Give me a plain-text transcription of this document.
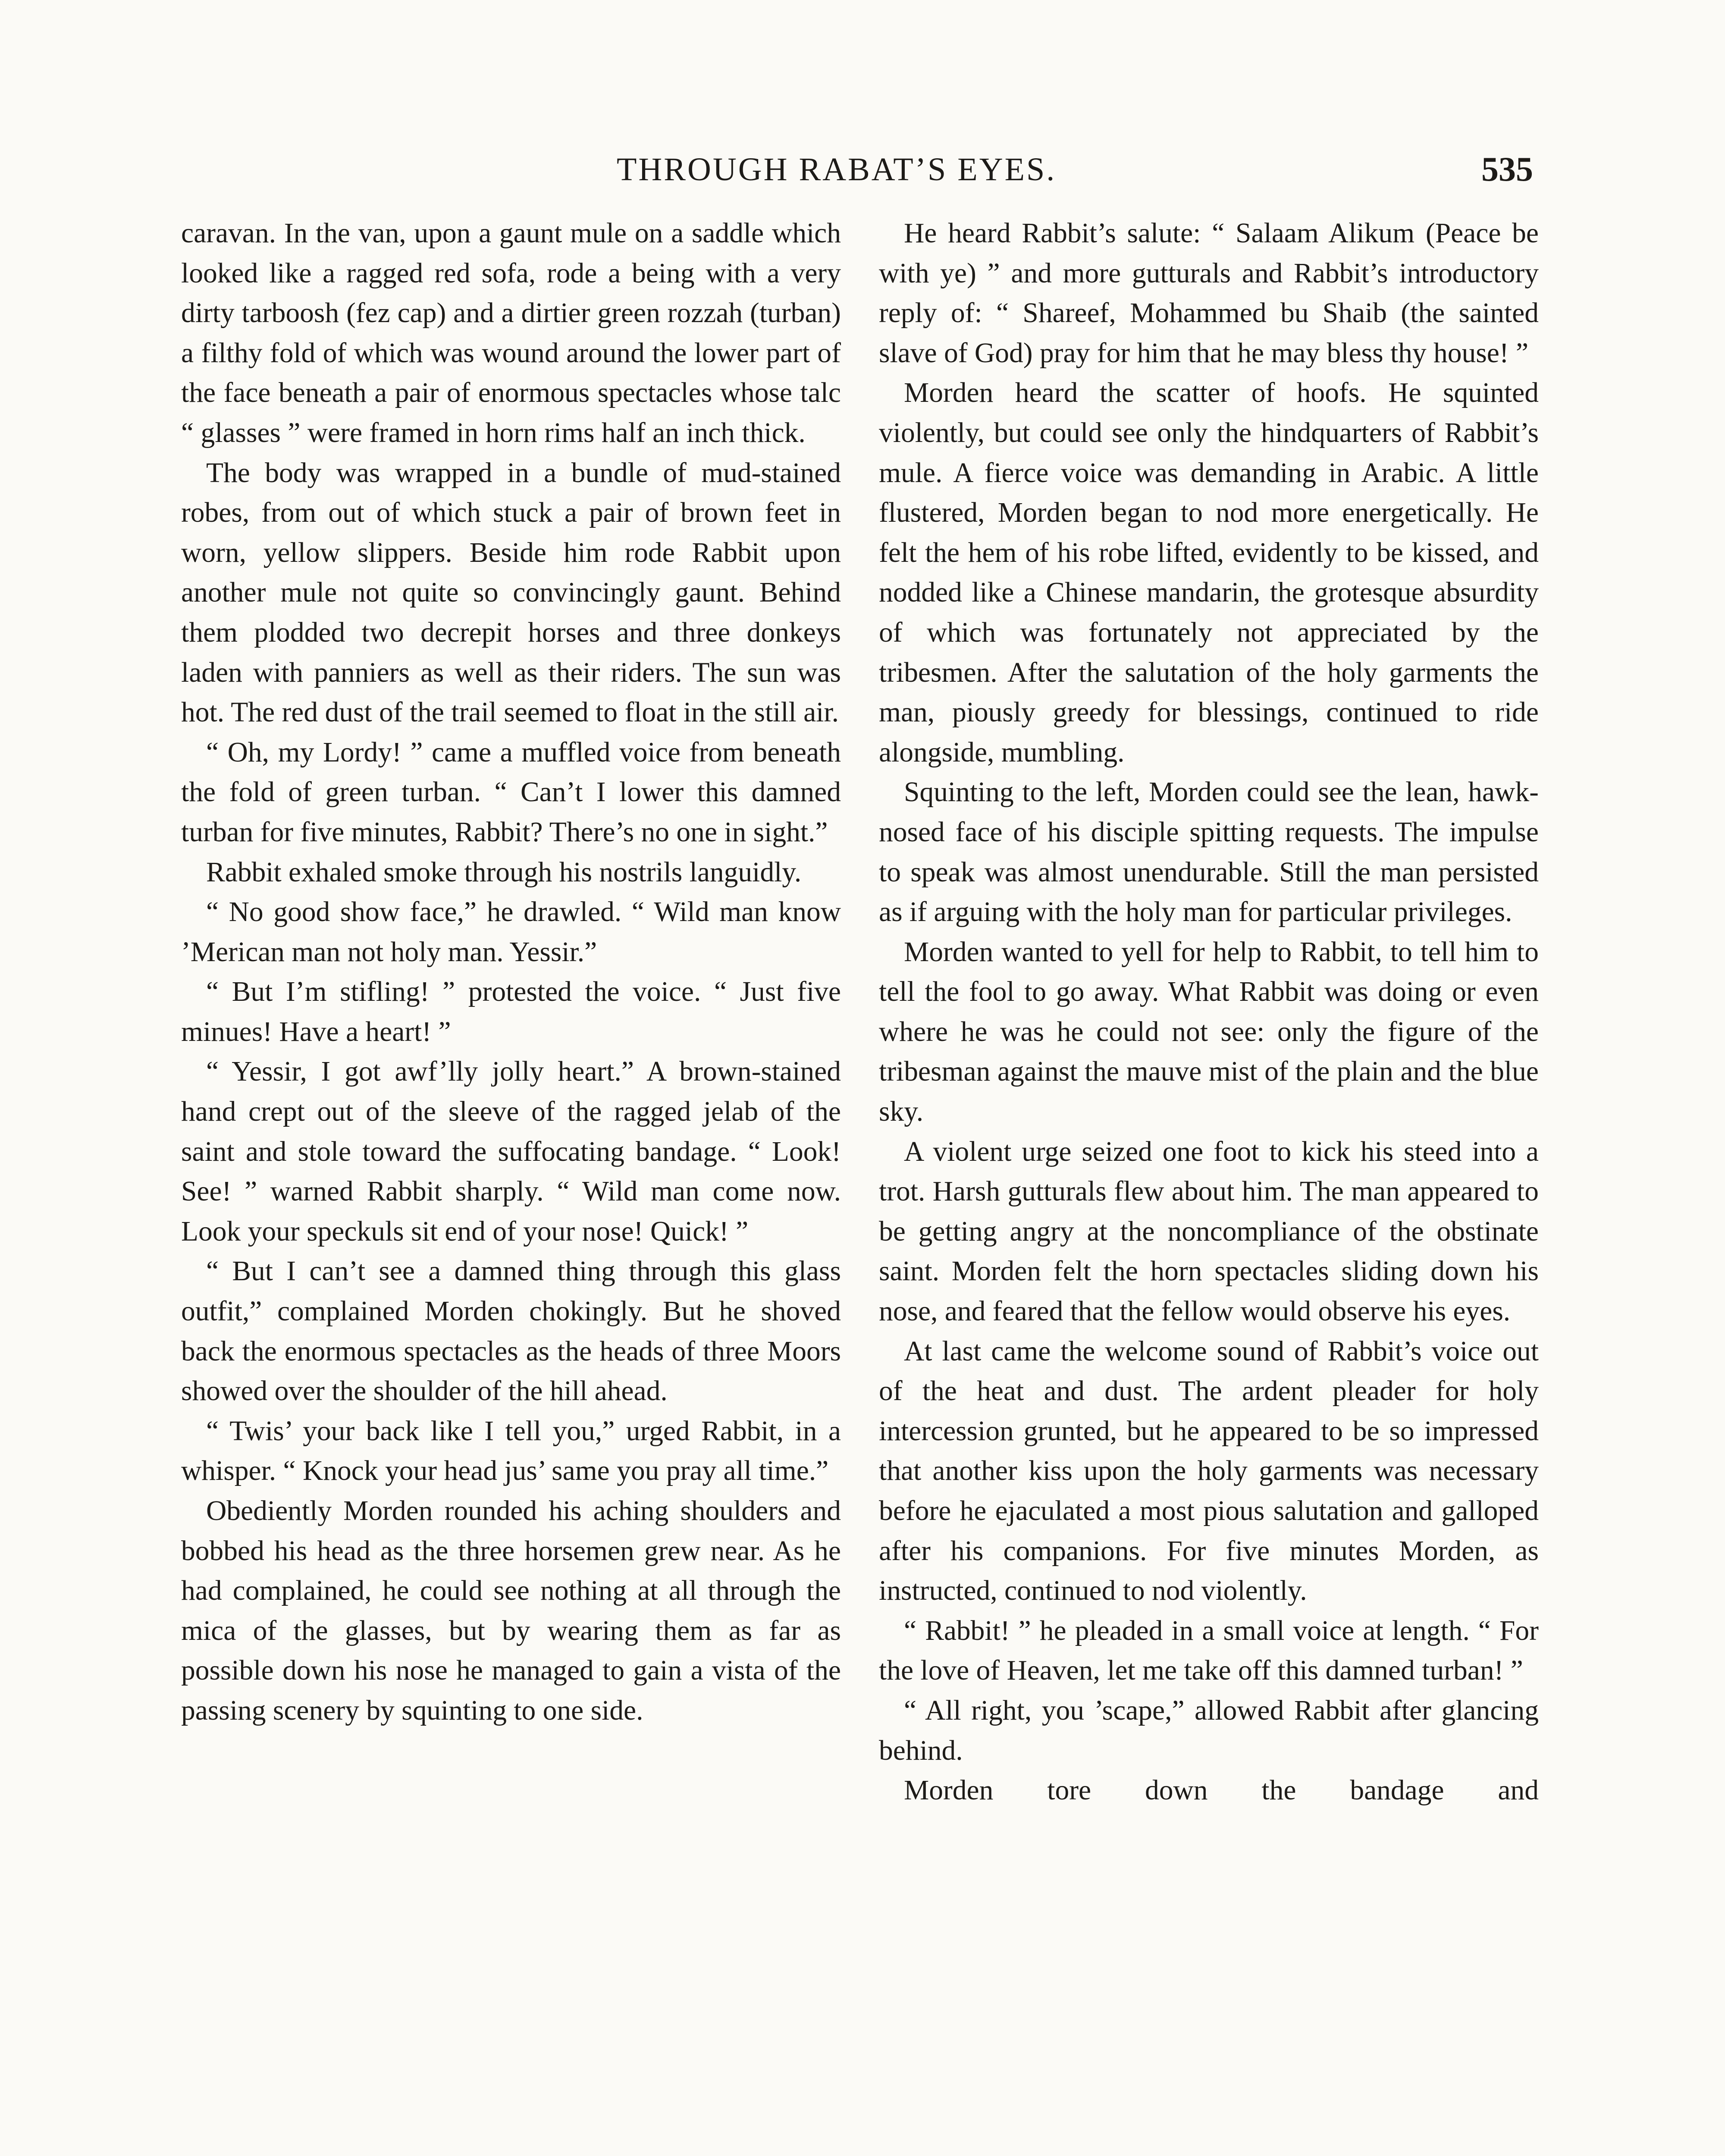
THROUGH RABAT’S EYES.	535

caravan. In the van, upon a gaunt mule on a saddle which looked like a ragged red sofa, rode a being with a very dirty tarboosh (fez cap) and a dirtier green rozzah (turban) a filthy fold of which was wound around the lower part of the face beneath a pair of enormous spectacles whose talc “ glasses ” were framed in horn rims half an inch thick.

The body was wrapped in a bundle of mud-stained robes, from out of which stuck a pair of brown feet in worn, yellow slippers. Beside him rode Rabbit upon another mule not quite so convincingly gaunt. Behind them plodded two decrepit horses and three donkeys laden with panniers as well as their riders. The sun was hot. The red dust of the trail seemed to float in the still air.

“ Oh, my Lordy! ” came a muffled voice from beneath the fold of green turban. “ Can’t I lower this damned turban for five minutes, Rabbit? There’s no one in sight.”

Rabbit exhaled smoke through his nostrils languidly.

“ No good show face,” he drawled. “ Wild man know ’Merican man not holy man. Yessir.”

“ But I’m stifling! ” protested the voice. “ Just five minues! Have a heart! ”

“ Yessir, I got awf’lly jolly heart.” A brown-stained hand crept out of the sleeve of the ragged jelab of the saint and stole toward the suffocating bandage. “ Look! See! ” warned Rabbit sharply. “ Wild man come now. Look your speckuls sit end of your nose! Quick! ”

“ But I can’t see a damned thing through this glass outfit,” complained Morden chokingly. But he shoved back the enormous spectacles as the heads of three Moors showed over the shoulder of the hill ahead.

“ Twis’ your back like I tell you,” urged Rabbit, in a whisper. “ Knock your head jus’ same you pray all time.”

Obediently Morden rounded his aching shoulders and bobbed his head as the three horsemen grew near. As he had complained, he could see nothing at all through the mica of the glasses, but by wearing them as far as possible down his nose he managed to gain a vista of the passing scenery by squinting to one side.

He heard Rabbit’s salute: “ Salaam Alikum (Peace be with ye) ” and more gutturals and Rabbit’s introductory reply of: “ Shareef, Mohammed bu Shaib (the sainted slave of God) pray for him that he may bless thy house! ”

Morden heard the scatter of hoofs. He squinted violently, but could see only the hindquarters of Rabbit’s mule. A fierce voice was demanding in Arabic. A little flustered, Morden began to nod more energetically. He felt the hem of his robe lifted, evidently to be kissed, and nodded like a Chinese mandarin, the grotesque absurdity of which was fortunately not appreciated by the tribesmen. After the salutation of the holy garments the man, piously greedy for blessings, continued to ride alongside, mumbling.

Squinting to the left, Morden could see the lean, hawk-nosed face of his disciple spitting requests. The impulse to speak was almost unendurable. Still the man persisted as if arguing with the holy man for particular privileges.

Morden wanted to yell for help to Rabbit, to tell him to tell the fool to go away. What Rabbit was doing or even where he was he could not see: only the figure of the tribesman against the mauve mist of the plain and the blue sky.

A violent urge seized one foot to kick his steed into a trot. Harsh gutturals flew about him. The man appeared to be getting angry at the noncompliance of the obstinate saint. Morden felt the horn spectacles sliding down his nose, and feared that the fellow would observe his eyes.

At last came the welcome sound of Rabbit’s voice out of the heat and dust. The ardent pleader for holy intercession grunted, but he appeared to be so impressed that another kiss upon the holy garments was necessary before he ejaculated a most pious salutation and galloped after his companions. For five minutes Morden, as instructed, continued to nod violently.

“ Rabbit! ” he pleaded in a small voice at length. “ For the love of Heaven, let me take off this damned turban! ”

“ All right, you ’scape,” allowed Rabbit after glancing behind.

Morden tore down the bandage and
